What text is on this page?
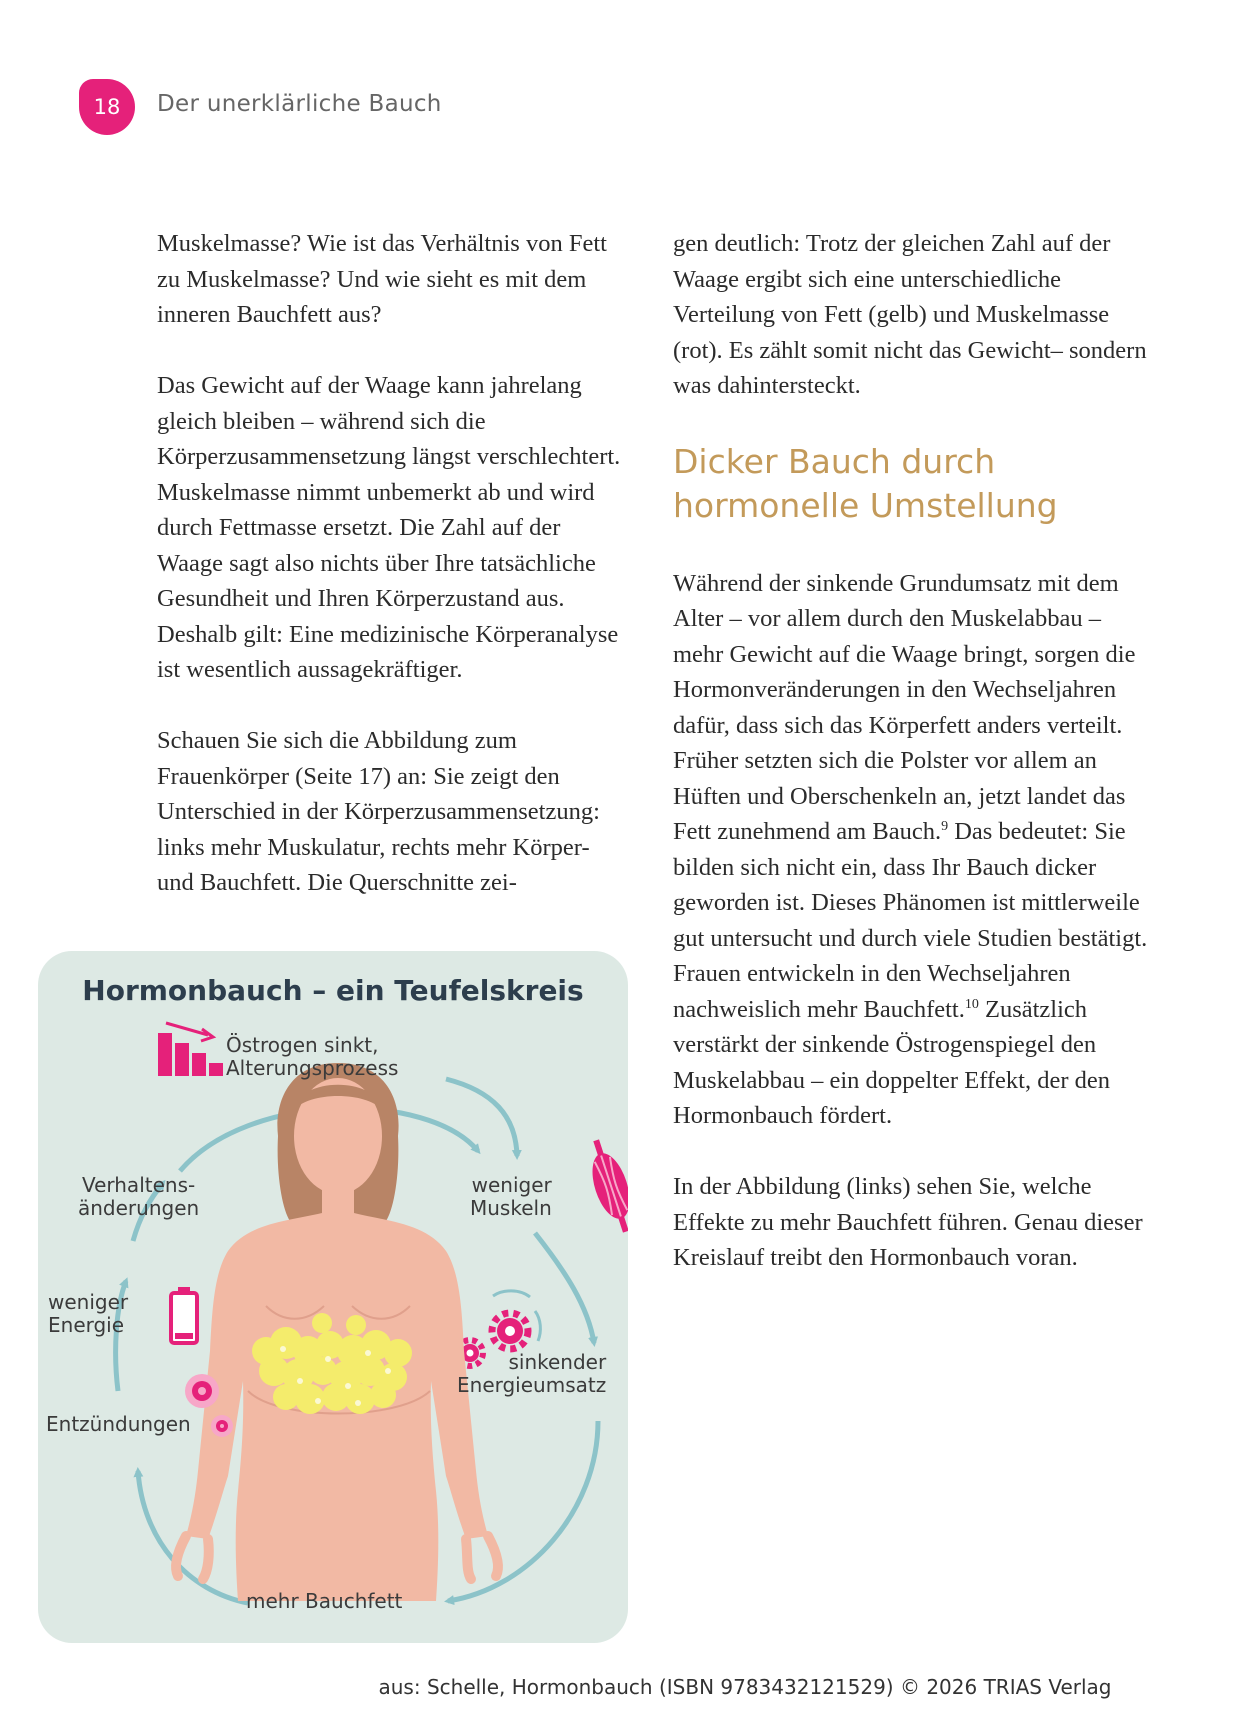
18	Der unerklärliche Bauch

Muskelmasse? Wie ist das Verhältnis von Fett zu Muskelmasse? Und wie sieht es mit dem inneren Bauchfett aus?

Das Gewicht auf der Waage kann jahrelang gleich bleiben – während sich die Körperzusammensetzung längst verschlechtert. Muskelmasse nimmt unbemerkt ab und wird durch Fettmasse ersetzt. Die Zahl auf der Waage sagt also nichts über Ihre tatsächliche Gesundheit und Ihren Körperzustand aus. Deshalb gilt: Eine medizinische Körperanalyse ist wesentlich aussagekräftiger.

Schauen Sie sich die Abbildung zum Frauenkörper (Seite 17) an: Sie zeigt den Unterschied in der Körperzusammensetzung: links mehr Muskulatur, rechts mehr Körper- und Bauchfett. Die Querschnitte zei-

gen deutlich: Trotz der gleichen Zahl auf der Waage ergibt sich eine unterschiedliche Verteilung von Fett (gelb) und Muskelmasse (rot). Es zählt somit nicht das Gewicht– sondern was dahintersteckt.

Dicker Bauch durch
hormonelle Umstellung

Während der sinkende Grundumsatz mit dem Alter – vor allem durch den Muskelabbau – mehr Gewicht auf die Waage bringt, sorgen die Hormonveränderungen in den Wechseljahren dafür, dass sich das Körperfett anders verteilt. Früher setzten sich die Polster vor allem an Hüften und Oberschenkeln an, jetzt landet das Fett zunehmend am Bauch.$^9$ Das bedeutet: Sie bilden sich nicht ein, dass Ihr Bauch dicker geworden ist. Dieses Phänomen ist mittlerweile gut untersucht und durch viele Studien bestätigt. Frauen entwickeln in den Wechseljahren nachweislich mehr Bauchfett.$^{10}$ Zusätzlich verstärkt der sinkende Östrogenspiegel den Muskelabbau – ein doppelter Effekt, der den Hormonbauch fördert.

In der Abbildung (links) sehen Sie, welche Effekte zu mehr Bauchfett führen. Genau dieser Kreislauf treibt den Hormonbauch voran.

Hormonbauch – ein Teufelskreis
Östrogen sinkt,
Alterungsprozess
weniger
Muskeln
sinkender
Energieumsatz
mehr Bauchfett
Entzündungen
weniger
Energie
Verhaltens-
änderungen
aus: Schelle, Hormonbauch (ISBN 9783432121529) © 2026 TRIAS Verlag
